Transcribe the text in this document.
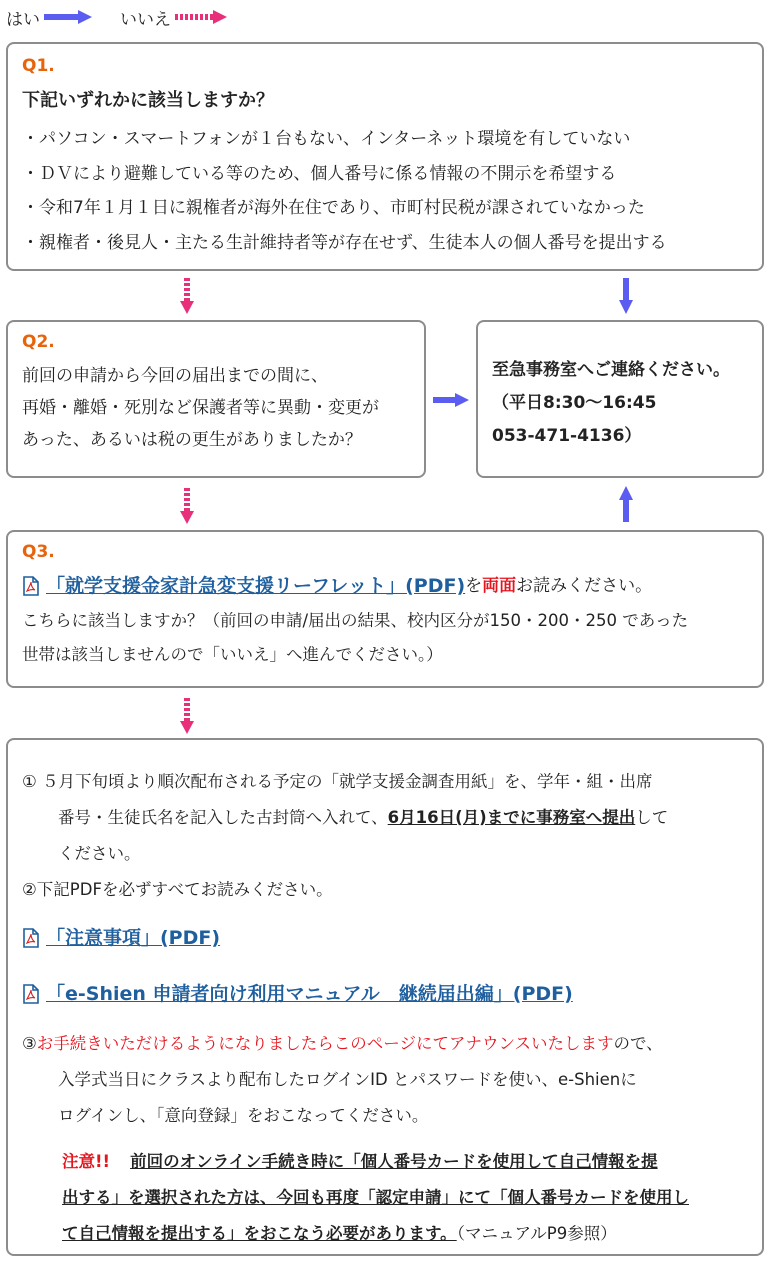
はい	いいえ
Q1.
下記いずれかに該当しますか？
・パソコン・スマートフォンが１台もない、インターネット環境を有していない
・ＤＶにより避難している等のため、個人番号に係る情報の不開示を希望する
・令和7年１月１日に親権者が海外在住であり、市町村民税が課されていなかった
・親権者・後見人・主たる生計維持者等が存在せず、生徒本人の個人番号を提出する
Q2.
前回の申請から今回の届出までの間に、
再婚・離婚・死別など保護者等に異動・変更が
あった、あるいは税の更生がありましたか？
至急事務室へご連絡ください。
（平日8:30〜16:45
053-471-4136）
Q3.
「就学支援金家計急変支援リーフレット」(PDF) を 両面 お読みください。
こちらに該当しますか？（前回の申請/届出の結果、校内区分が150・200・250 であった
世帯は該当しませんので「いいえ」へ進んでください。）
① ５月下旬頃より順次配布される予定の「就学支援金調査用紙」を、学年・組・出席
番号・生徒氏名を記入した古封筒へ入れて、6月16日(月)までに事務室へ提出して
ください。
②下記PDFを必ずすべてお読みください。
「注意事項」(PDF)
「e-Shien 申請者向け利用マニュアル　継続届出編」(PDF)
③お手続きいただけるようになりましたらこのページにてアナウンスいたしますので、
入学式当日にクラスより配布したログインID とパスワードを使い、e-Shienに
ログインし、「意向登録」をおこなってください。
注意!! 前回のオンライン手続き時に「個人番号カードを使用して自己情報を提
出する」を選択された方は、今回も再度「認定申請」にて「個人番号カードを使用し
て自己情報を提出する」をおこなう必要があります。（マニュアルP9参照）
